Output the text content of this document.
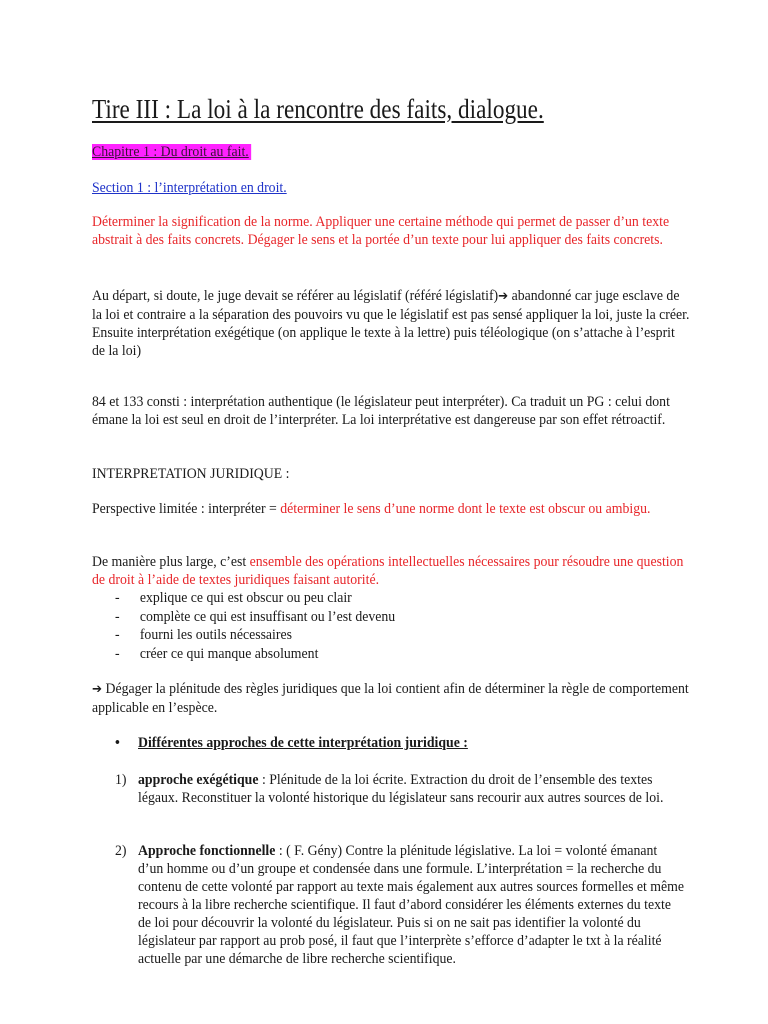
Tire III : La loi à la rencontre des faits, dialogue.
Chapitre 1 : Du droit au fait.
Section 1 : l’interprétation en droit.
Déterminer la signification de la norme. Appliquer une certaine méthode qui permet de passer d’un texte abstrait à des faits concrets. Dégager le sens et la portée d’un texte pour lui appliquer des faits concrets.
Au départ, si doute, le juge devait se référer au législatif (référé législatif)➔ abandonné car juge esclave de la loi et contraire a la séparation des pouvoirs vu que le législatif est pas sensé appliquer la loi, juste la créer.
Ensuite interprétation exégétique (on applique le texte à la lettre) puis téléologique (on s’attache à l’esprit de la loi)
84 et 133 consti : interprétation authentique (le législateur peut interpréter). Ca traduit un PG : celui dont émane la loi est seul en droit de l’interpréter. La loi interprétative est dangereuse par son effet rétroactif.
INTERPRETATION JURIDIQUE :
Perspective limitée : interpréter = déterminer le sens d’une norme dont le texte est obscur ou ambigu.
De manière plus large, c’est ensemble des opérations intellectuelles nécessaires pour résoudre une question de droit à l’aide de textes juridiques faisant autorité.
- explique ce qui est obscur ou peu clair
- complète ce qui est insuffisant ou l’est devenu
- fourni les outils nécessaires
- créer ce qui manque absolument
➔ Dégager la plénitude des règles juridiques que la loi contient afin de déterminer la règle de comportement applicable en l’espèce.
• Différentes approches de cette interprétation juridique :
1) approche exégétique : Plénitude de la loi écrite. Extraction du droit de l’ensemble des textes légaux. Reconstituer la volonté historique du législateur sans recourir aux autres sources de loi.
2) Approche fonctionnelle : ( F. Gény) Contre la plénitude législative. La loi = volonté émanant d’un homme ou d’un groupe et condensée dans une formule. L’interprétation = la recherche du contenu de cette volonté par rapport au texte mais également aux autres sources formelles et même recours à la libre recherche scientifique. Il faut d’abord considérer les éléments externes du texte de loi pour découvrir la volonté du législateur. Puis si on ne sait pas identifier la volonté du législateur par rapport au prob posé, il faut que l’interprète s’efforce d’adapter le txt à la réalité actuelle par une démarche de libre recherche scientifique.
